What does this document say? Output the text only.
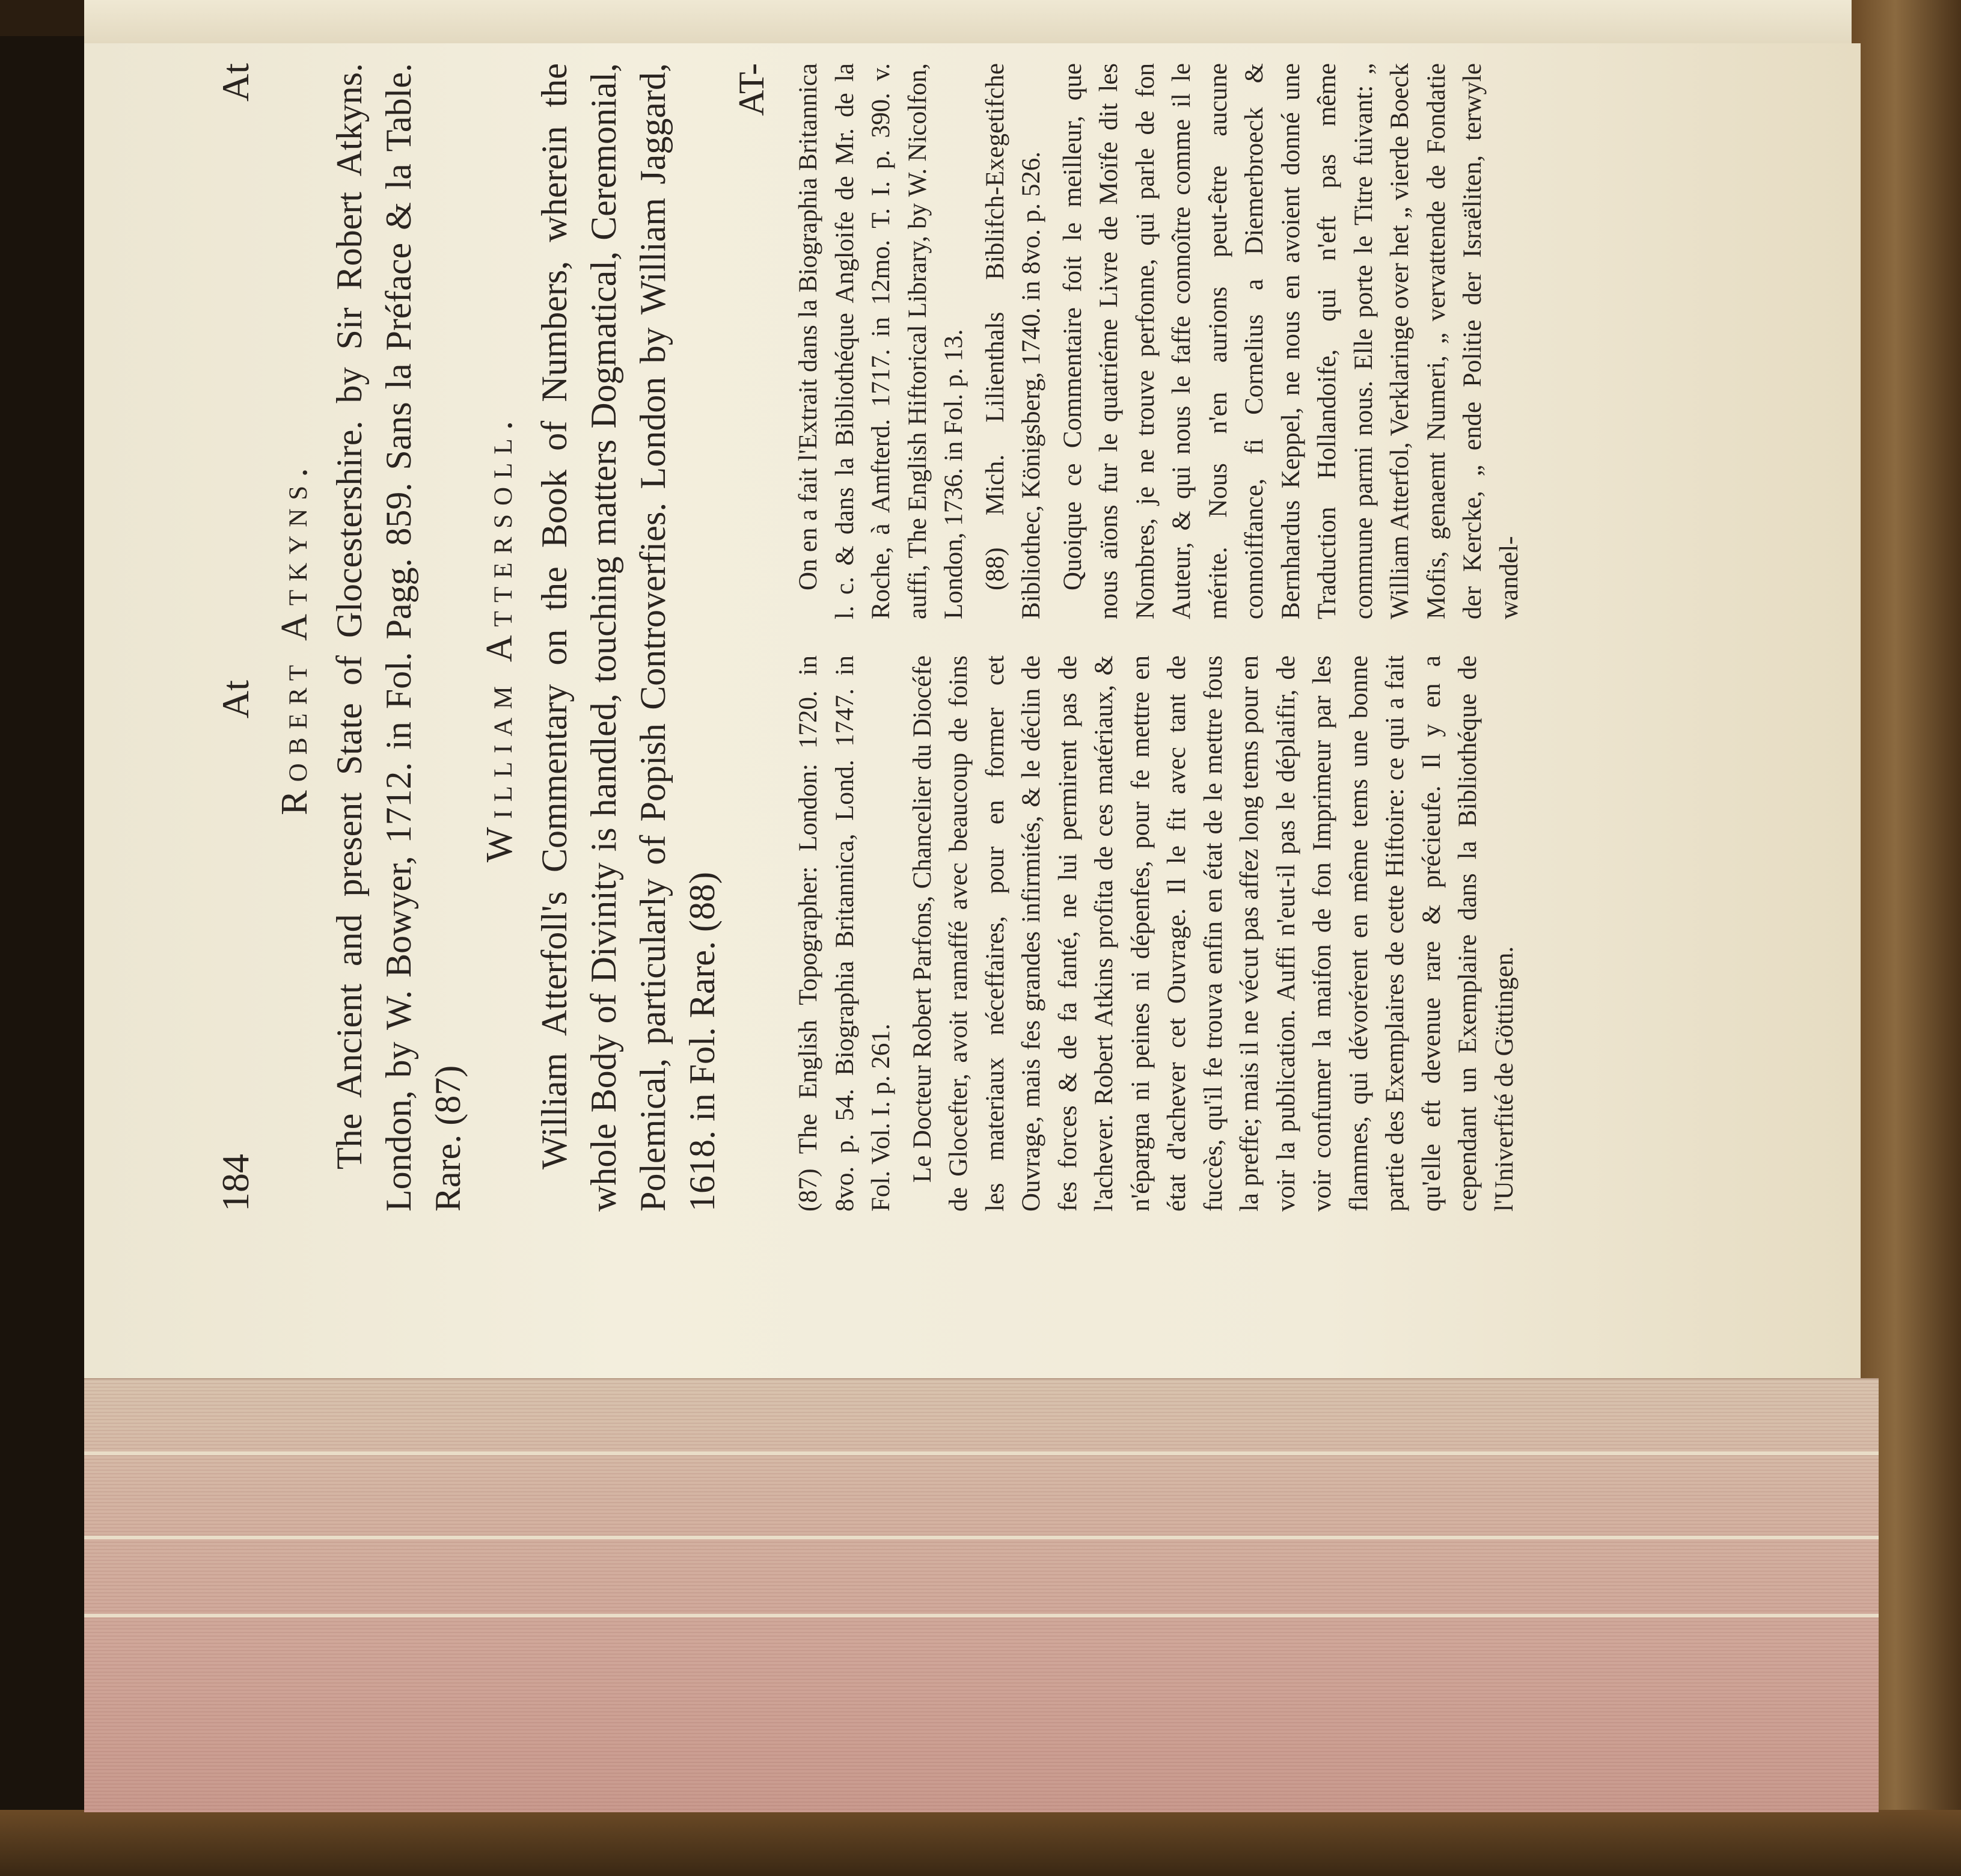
184
At
At
Robert Atkyns. The Ancient and present State of Glocestershire. by Sir Robert Atkyns. London, by W. Bowyer, 1712. in Fol. Pagg. 859. Sans la Préface & la Table. Rare. (87)

William Attersoll. William Atterfoll's Commentary on the Book of Numbers, wherein the whole Body of Divinity is handled, touching matters Dogmatical, Ceremonial, Polemical, particularly of Popish Controverfies. London by William Jaggard, 1618. in Fol. Rare. (88)

AT-

(87) The English Topographer: London: 1720. in 8vo. p. 54. Biographia Britannica, Lond. 1747. in Fol. Vol. I. p. 261. Le Docteur Robert Parfons, Chancelier du Diocéfe de Glocefter, avoit ramaffé avec beaucoup de foins les materiaux néceffaires, pour en former cet Ouvrage, mais fes grandes infirmités, & le déclin de fes forces & de fa fanté, ne lui permirent pas de l'achever. Robert Atkins profita de ces matériaux, & n'épargna ni peines ni dépenfes, pour fe mettre en état d'achever cet Ouvrage. Il le fit avec tant de fuccès, qu'il fe trouva enfin en état de le mettre fous la preffe; mais il ne vécut pas affez long tems pour en voir la publication. Auffi n'eut-il pas le déplaifir, de voir confumer la maifon de fon Imprimeur par les flammes, qui dévorérent en même tems une bonne partie des Exemplaires de cette Hiftoire: ce qui a fait qu'elle eft devenue rare & précieufe. Il y en a cependant un Exemplaire dans la Bibliothéque de l'Univerfité de Göttingen.

On en a fait l'Extrait dans la Biographia Britannica l. c. & dans la Bibliothéque Angloife de Mr. de la Roche, à Amfterd. 1717. in 12mo. T. I. p. 390. v. auffi, The English Hiftorical Library, by W. Nicolfon, London, 1736. in Fol. p. 13. (88) Mich. Lilienthals Biblifch-Exegetifche Bibliothec, Königsberg, 1740. in 8vo. p. 526. Quoique ce Commentaire foit le meilleur, que nous aïons fur le quatriéme Livre de Moïfe dit les Nombres, je ne trouve perfonne, qui parle de fon Auteur, & qui nous le faffe connoître comme il le mérite. Nous n'en aurions peut-être aucune connoiffance, fi Cornelius a Diemerbroeck & Bernhardus Keppel, ne nous en avoient donné une Traduction Hollandoife, qui n'eft pas même commune parmi nous. Elle porte le Titre fuivant: „ William Atterfol, Verklaringe over het „ vierde Boeck Mofis, genaemt Numeri, „ vervattende de Fondatie der Kercke, „ ende Politie der Israëliten, terwyle wandel-
